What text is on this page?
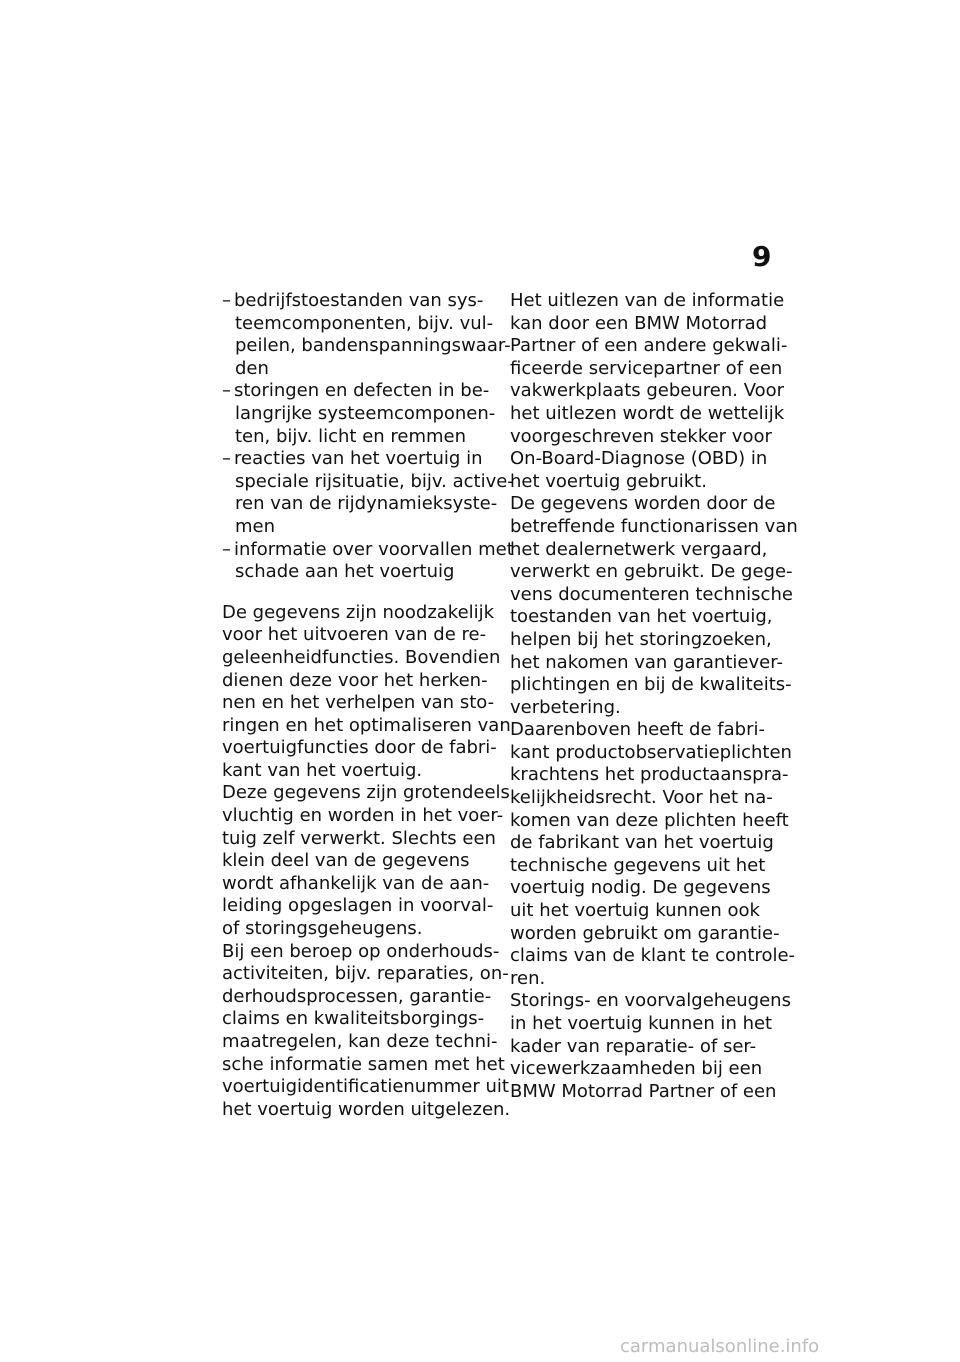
9
– bedrijfstoestanden van sys-
teemcomponenten, bijv. vul-
peilen, bandenspanningswaar-
den
– storingen en defecten in be-
langrijke systeemcomponen-
ten, bijv. licht en remmen
– reacties van het voertuig in
speciale rijsituatie, bijv. active-
ren van de rijdynamieksyste-
men
– informatie over voorvallen met
schade aan het voertuig
De gegevens zijn noodzakelijk
voor het uitvoeren van de re-
geleenheidfuncties. Bovendien
dienen deze voor het herken-
nen en het verhelpen van sto-
ringen en het optimaliseren van
voertuigfuncties door de fabri-
kant van het voertuig.
Deze gegevens zijn grotendeels
vluchtig en worden in het voer-
tuig zelf verwerkt. Slechts een
klein deel van de gegevens
wordt afhankelijk van de aan-
leiding opgeslagen in voorval-
of storingsgeheugens.
Bij een beroep op onderhouds-
activiteiten, bijv. reparaties, on-
derhoudsprocessen, garantie-
claims en kwaliteitsborgings-
maatregelen, kan deze techni-
sche informatie samen met het
voertuigidentificatienummer uit
het voertuig worden uitgelezen.
Het uitlezen van de informatie
kan door een BMW Motorrad
Partner of een andere gekwali-
ficeerde servicepartner of een
vakwerkplaats gebeuren. Voor
het uitlezen wordt de wettelijk
voorgeschreven stekker voor
On-Board-Diagnose (OBD) in
het voertuig gebruikt.
De gegevens worden door de
betreffende functionarissen van
het dealernetwerk vergaard,
verwerkt en gebruikt. De gege-
vens documenteren technische
toestanden van het voertuig,
helpen bij het storingzoeken,
het nakomen van garantiever-
plichtingen en bij de kwaliteits-
verbetering.
Daarenboven heeft de fabri-
kant productobservatieplichten
krachtens het productaanspra-
kelijkheidsrecht. Voor het na-
komen van deze plichten heeft
de fabrikant van het voertuig
technische gegevens uit het
voertuig nodig. De gegevens
uit het voertuig kunnen ook
worden gebruikt om garantie-
claims van de klant te controle-
ren.
Storings- en voorvalgeheugens
in het voertuig kunnen in het
kader van reparatie- of ser-
vicewerkzaamheden bij een
BMW Motorrad Partner of een
carmanualsonline.info
